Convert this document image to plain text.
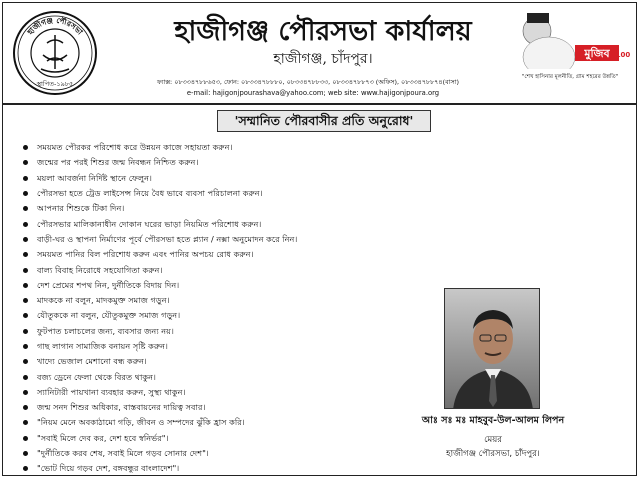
হাজীগঞ্জ পৌরসভা
স্থাপিত-১৯৮৫
হাজীগঞ্জ পৌরসভা কার্যালয়
হাজীগঞ্জ, চাঁদপুর।
ফ্যাক্স: ০৮৩৩৪৭৮৮৬৫৩, ফোন: ০৮৩৩৪৭৮৮৮০, ০৮৩৩৪৭৮৮৩৩, ০৮৩৩৪৭৮৮৭৩ (অফিস), ০৮৩৩৪৭৮৮৭৪(বাসা)
e-mail: hajigonjpourashava@yahoo.com; web site: www.hajigonjpoura.org
মুজিব 100
"শেখ হাসিনার মূলনীতি, গ্রাম শহরের উন্নতি"
'সম্মানিত পৌরবাসীর প্রতি অনুরোধ'
সময়মত পৌরকর পরিশোধ করে উন্নয়ন কাজে সহায়তা করুন।
জন্মের পর পরই শিশুর জন্ম নিবন্ধন নিশ্চিত করুন।
ময়লা আবর্জনা নির্দিষ্ট স্থানে ফেলুন।
পৌরসভা হতে ট্রেড লাইসেন্স নিয়ে বৈধ ভাবে ব্যবসা পরিচালনা করুন।
আপনার শিশুকে টিকা দিন।
পৌরসভার মালিকানাধীন দোকান ঘরের ভাড়া নিয়মিত পরিশোধ করুন।
বাড়ী-ঘর ও স্থাপনা নির্মাণের পূর্বে পৌরসভা হতে প্ল্যান / নক্সা অনুমোদন করে নিন।
সময়মত পানির বিল পরিশোধ করুন এবং পানির অপচয় রোধ করুন।
বাল্য বিবাহ নিরোধে সহযোগিতা করুন।
দেশ প্রেমের শপথ নিন, দুর্নীতিকে বিদায় দিন।
মাদককে না বলুন, মাদকমুক্ত সমাজ গড়ুন।
যৌতুককে না বলুন, যৌতুকমুক্ত সমাজ গড়ুন।
ফুটপাত চলাচলের জন্য, ব্যবসার জন্য নয়।
গাছ লাগান সামাজিক বনায়ন সৃষ্টি করুন।
খাদ্যে ভেজাল মেশানো বন্ধ করুন।
বজ্য ড্রেনে ফেলা থেকে বিরত থাকুন।
স্যানিটারী পায়খানা ব্যবহার করুন, সুস্থ্য থাকুন।
জন্ম সনদ শিশুর অধিকার, বাস্তবায়নের দায়িত্ব সবার।
"নিয়ম মেনে অবকাঠামো গড়ি, জীবন ও সম্পদের ঝুঁকি হ্রাস করি।
"সবাই মিলে দেব কর, দেশ হবে স্বনির্ভর"।
"দুর্নীতিকে করব শেষ, সবাই মিলে গড়ব সোনার দেশ"।
"ভোট দিয়ে গড়ব দেশ, বঙ্গবন্ধুর বাংলাদেশ"।
আঃ সঃ মঃ মাহবুব-উল-আলম লিপন
মেয়র
হাজীগঞ্জ পৌরসভা, চাঁদপুর।
